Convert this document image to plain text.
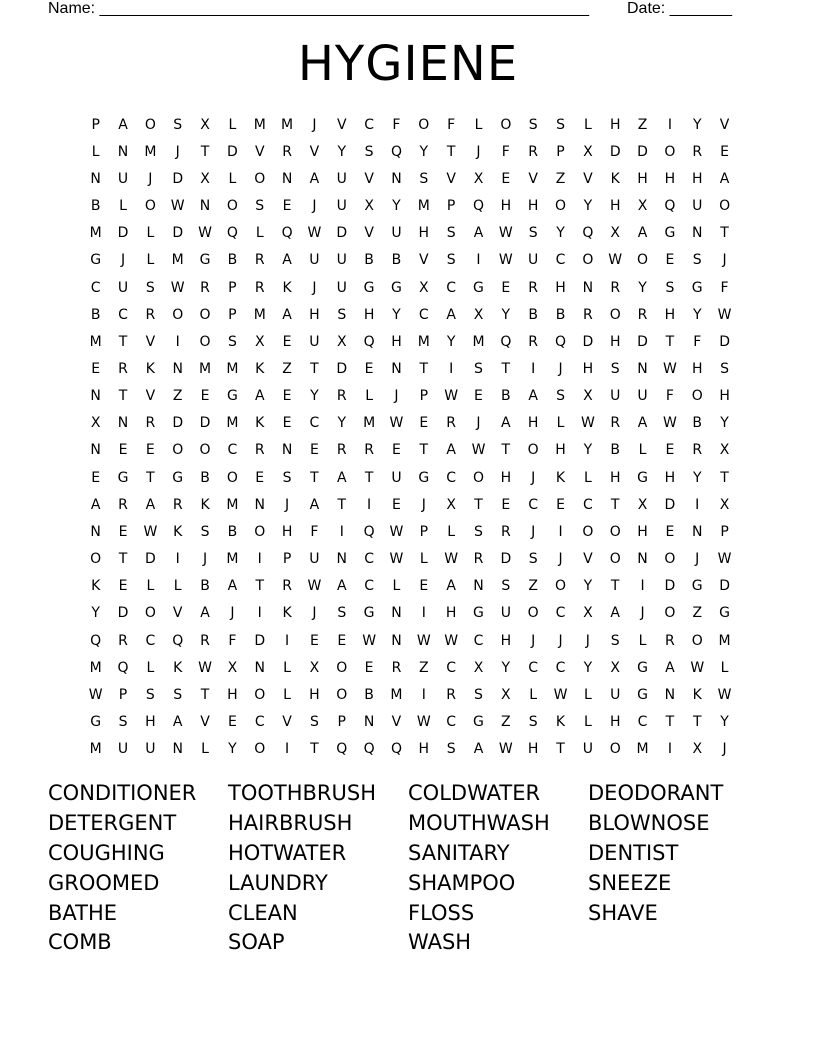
Name: _______________________________________________________ Date: _______
HYGIENE
P	A	O	S	X	L	M	M	J	V	C	F	O	F	L	O	S	S	L	H	Z	I	Y	V
L	N	M	J	T	D	V	R	V	Y	S	Q	Y	T	J	F	R	P	X	D	D	O	R	E
N	U	J	D	X	L	O	N	A	U	V	N	S	V	X	E	V	Z	V	K	H	H	H	A
B	L	O	W	N	O	S	E	J	U	X	Y	M	P	Q	H	H	O	Y	H	X	Q	U	O
M	D	L	D	W	Q	L	Q	W	D	V	U	H	S	A	W	S	Y	Q	X	A	G	N	T
G	J	L	M	G	B	R	A	U	U	B	B	V	S	I	W	U	C	O	W	O	E	S	J
C	U	S	W	R	P	R	K	J	U	G	G	X	C	G	E	R	H	N	R	Y	S	G	F
B	C	R	O	O	P	M	A	H	S	H	Y	C	A	X	Y	B	B	R	O	R	H	Y	W
M	T	V	I	O	S	X	E	U	X	Q	H	M	Y	M	Q	R	Q	D	H	D	T	F	D
E	R	K	N	M	M	K	Z	T	D	E	N	T	I	S	T	I	J	H	S	N	W	H	S
N	T	V	Z	E	G	A	E	Y	R	L	J	P	W	E	B	A	S	X	U	U	F	O	H
X	N	R	D	D	M	K	E	C	Y	M	W	E	R	J	A	H	L	W	R	A	W	B	Y
N	E	E	O	O	C	R	N	E	R	R	E	T	A	W	T	O	H	Y	B	L	E	R	X
E	G	T	G	B	O	E	S	T	A	T	U	G	C	O	H	J	K	L	H	G	H	Y	T
A	R	A	R	K	M	N	J	A	T	I	E	J	X	T	E	C	E	C	T	X	D	I	X
N	E	W	K	S	B	O	H	F	I	Q	W	P	L	S	R	J	I	O	O	H	E	N	P
O	T	D	I	J	M	I	P	U	N	C	W	L	W	R	D	S	J	V	O	N	O	J	W
K	E	L	L	B	A	T	R	W	A	C	L	E	A	N	S	Z	O	Y	T	I	D	G	D
Y	D	O	V	A	J	I	K	J	S	G	N	I	H	G	U	O	C	X	A	J	O	Z	G
Q	R	C	Q	R	F	D	I	E	E	W	N	W W	C	H	J	J	J	S	L	R	O	M
M	Q	L	K	W	X	N	L	X	O	E	R	Z	C	X	Y	C	C	Y	X	G	A	W	L
W	P	S	S	T	H	O	L	H	O	B	M	I	R	S	X	L	W	L	U	G	N	K	W
G	S	H	A	V	E	C	V	S	P	N	V	W	C	G	Z	S	K	L	H	C	T	T	Y
M	U	U	N	L	Y	O	I	T	Q	Q	Q	H	S	A	W	H	T	U	O	M	I	X	J
CONDITIONER	TOOTHBRUSH	COLDWATER	DEODORANT
DETERGENT	HAIRBRUSH	MOUTHWASH	BLOWNOSE
COUGHING	HOTWATER	SANITARY	DENTIST
GROOMED	LAUNDRY	SHAMPOO	SNEEZE
BATHE	CLEAN	FLOSS	SHAVE
COMB	SOAP	WASH
